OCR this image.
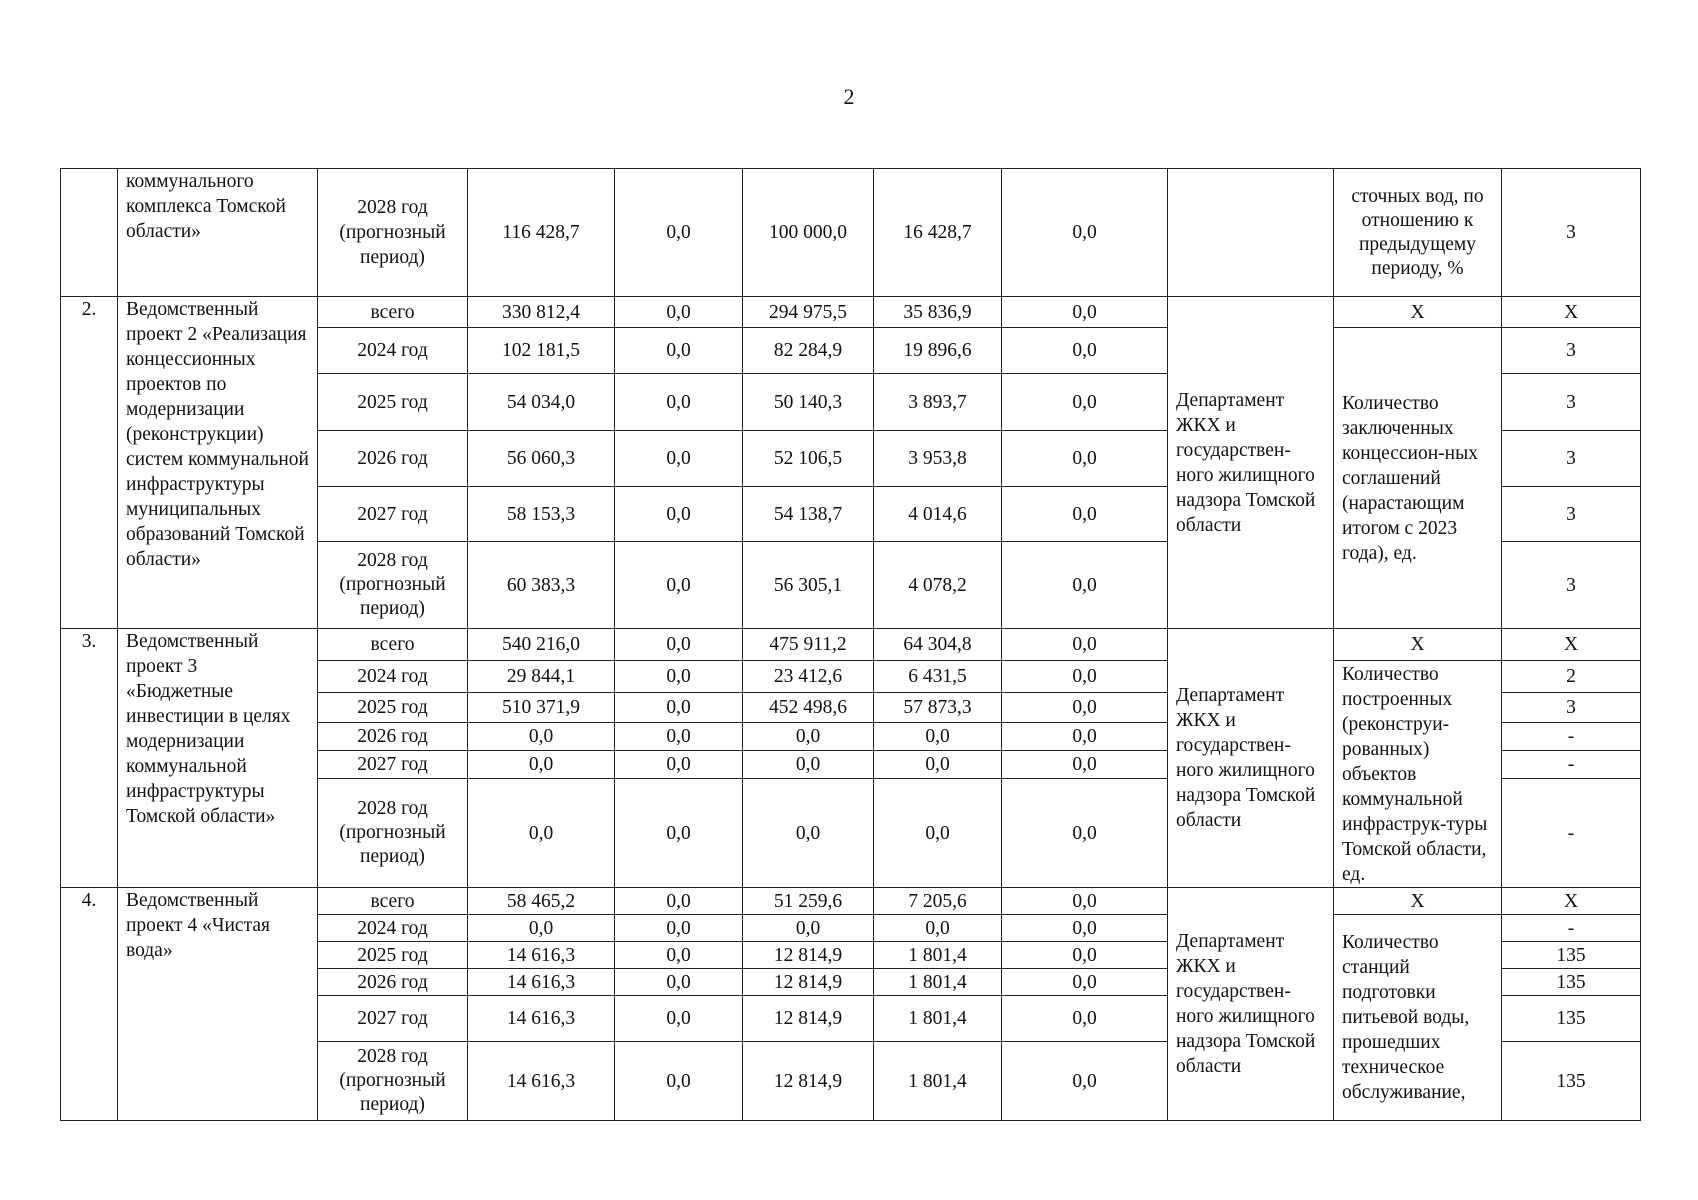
2
	коммунального комплекса Томской области»	2028 год (прогнозный период)	116 428,7	0,0	100 000,0	16 428,7	0,0		сточных вод, по отношению к предыдущему периоду, %	3
2.	Ведомственный проект 2 «Реализация концессионных проектов по модернизации (реконструкции) систем коммунальной инфраструктуры муниципальных образований Томской области»	всего	330 812,4	0,0	294 975,5	35 836,9	0,0	Департамент ЖКХ и государствен-ного жилищного надзора Томской области	X	X
		2024 год	102 181,5	0,0	82 284,9	19 896,6	0,0		Количество заключенных концессион-ных соглашений (нарастающим итогом с 2023 года), ед.	3
		2025 год	54 034,0	0,0	50 140,3	3 893,7	0,0			3
		2026 год	56 060,3	0,0	52 106,5	3 953,8	0,0			3
		2027 год	58 153,3	0,0	54 138,7	4 014,6	0,0			3
		2028 год (прогнозный период)	60 383,3	0,0	56 305,1	4 078,2	0,0			3
3.	Ведомственный проект 3 «Бюджетные инвестиции в целях модернизации коммунальной инфраструктуры Томской области»	всего	540 216,0	0,0	475 911,2	64 304,8	0,0	Департамент ЖКХ и государствен-ного жилищного надзора Томской области	X	X
		2024 год	29 844,1	0,0	23 412,6	6 431,5	0,0		Количество построенных (реконструи-рованных) объектов коммунальной инфраструк-туры Томской области, ед.	2
		2025 год	510 371,9	0,0	452 498,6	57 873,3	0,0			3
		2026 год	0,0	0,0	0,0	0,0	0,0			-
		2027 год	0,0	0,0	0,0	0,0	0,0			-
		2028 год (прогнозный период)	0,0	0,0	0,0	0,0	0,0			-
4.	Ведомственный проект 4 «Чистая вода»	всего	58 465,2	0,0	51 259,6	7 205,6	0,0	Департамент ЖКХ и государствен-ного жилищного надзора Томской области	X	X
		2024 год	0,0	0,0	0,0	0,0	0,0		Количество станций подготовки питьевой воды, прошедших техническое обслуживание,	-
		2025 год	14 616,3	0,0	12 814,9	1 801,4	0,0			135
		2026 год	14 616,3	0,0	12 814,9	1 801,4	0,0			135
		2027 год	14 616,3	0,0	12 814,9	1 801,4	0,0			135
		2028 год (прогнозный период)	14 616,3	0,0	12 814,9	1 801,4	0,0			135
